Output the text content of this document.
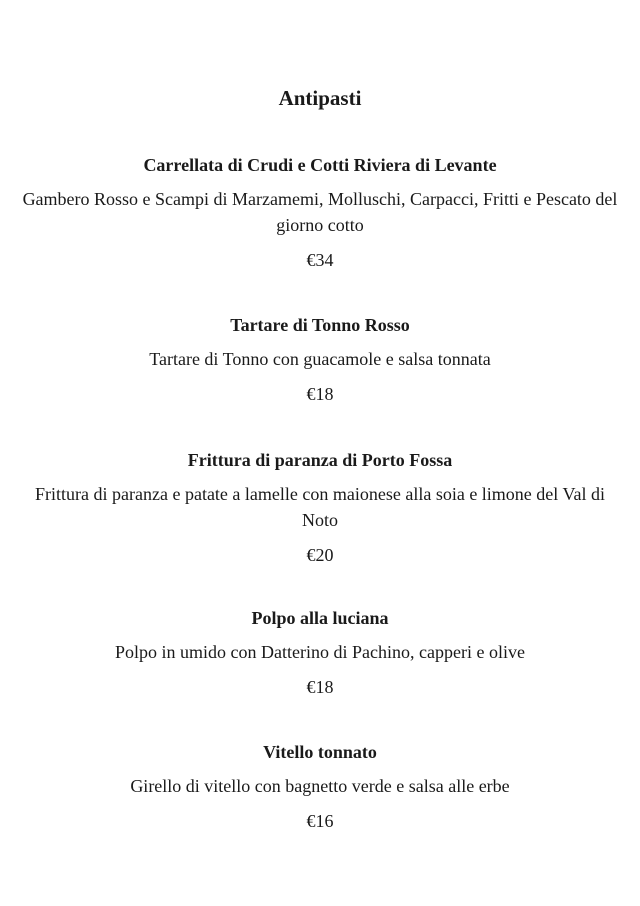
Antipasti

Carrellata di Crudi e Cotti Riviera di Levante

Gambero Rosso e Scampi di Marzamemi, Molluschi, Carpacci, Fritti e Pescato del giorno cotto

€34

Tartare di Tonno Rosso

Tartare di Tonno con guacamole e salsa tonnata

€18

Frittura di paranza di Porto Fossa

Frittura di paranza e patate a lamelle con maionese alla soia e limone del Val di Noto

€20

Polpo alla luciana

Polpo in umido con Datterino di Pachino, capperi e olive

€18

Vitello tonnato

Girello di vitello con bagnetto verde e salsa alle erbe

€16
